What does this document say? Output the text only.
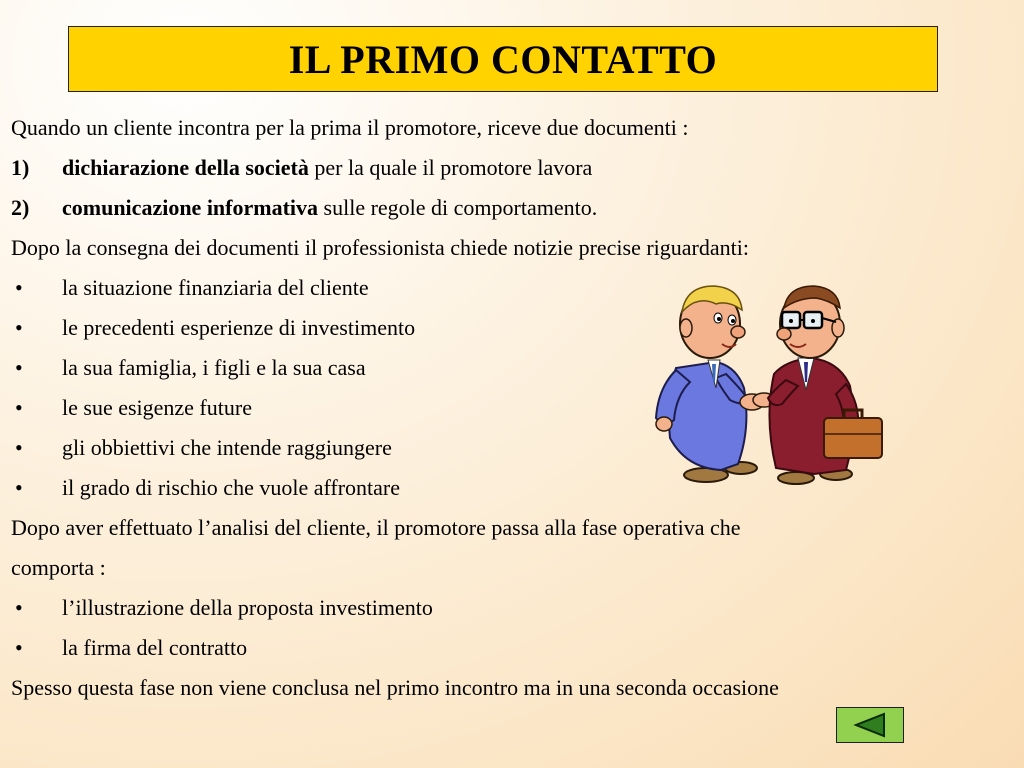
IL PRIMO CONTATTO
Quando un cliente incontra per la prima il promotore, riceve due documenti :
1)	dichiarazione della società per la quale il promotore lavora
2)	comunicazione informativa sulle regole di comportamento.
Dopo la consegna dei documenti il professionista chiede notizie precise riguardanti:
•	la situazione finanziaria del cliente
•	le precedenti esperienze di investimento
•	la sua famiglia, i figli e la sua casa
•	le sue esigenze future
•	gli obbiettivi che intende raggiungere
•	il grado di rischio che vuole affrontare
Dopo aver effettuato l’analisi del cliente, il promotore passa alla fase operativa che
comporta :
•	l’illustrazione della proposta investimento
•	la firma del contratto
Spesso questa fase non viene conclusa nel primo incontro ma in una seconda occasione
